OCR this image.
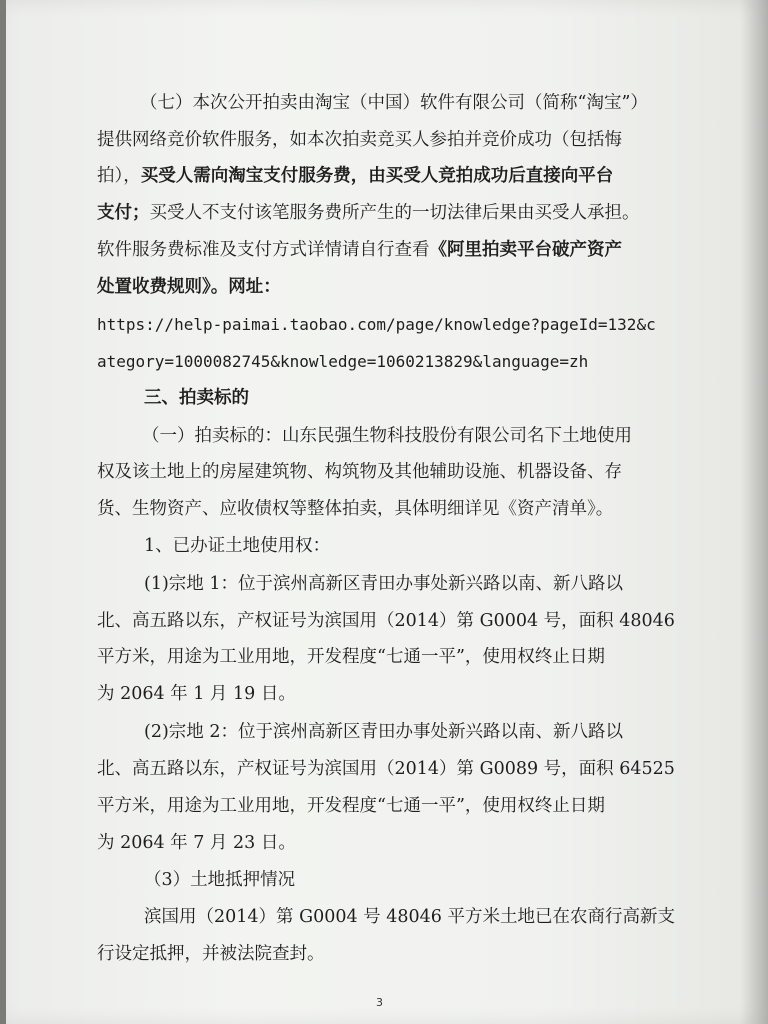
（七）本次公开拍卖由淘宝（中国）软件有限公司（简称“淘宝”）
提供网络竞价软件服务，如本次拍卖竞买人参拍并竞价成功（包括悔
拍），买受人需向淘宝支付服务费，由买受人竞拍成功后直接向平台
支付；买受人不支付该笔服务费所产生的一切法律后果由买受人承担。
软件服务费标准及支付方式详情请自行查看《阿里拍卖平台破产资产
处置收费规则》。网址：
https://help-paimai.taobao.com/page/knowledge?pageId=132&c
ategory=1000082745&knowledge=1060213829&language=zh
三、拍卖标的
（一）拍卖标的：山东民强生物科技股份有限公司名下土地使用
权及该土地上的房屋建筑物、构筑物及其他辅助设施、机器设备、存
货、生物资产、应收债权等整体拍卖，具体明细详见《资产清单》。
1、已办证土地使用权：
(1)宗地 1：位于滨州高新区青田办事处新兴路以南、新八路以
北、高五路以东，产权证号为滨国用（2014）第 G0004 号，面积 48046
平方米，用途为工业用地，开发程度“七通一平”，使用权终止日期
为 2064 年 1 月 19 日。
(2)宗地 2：位于滨州高新区青田办事处新兴路以南、新八路以
北、高五路以东，产权证号为滨国用（2014）第 G0089 号，面积 64525
平方米，用途为工业用地，开发程度“七通一平”，使用权终止日期
为 2064 年 7 月 23 日。
（3）土地抵押情况
滨国用（2014）第 G0004 号 48046 平方米土地已在农商行高新支
行设定抵押，并被法院查封。
3
